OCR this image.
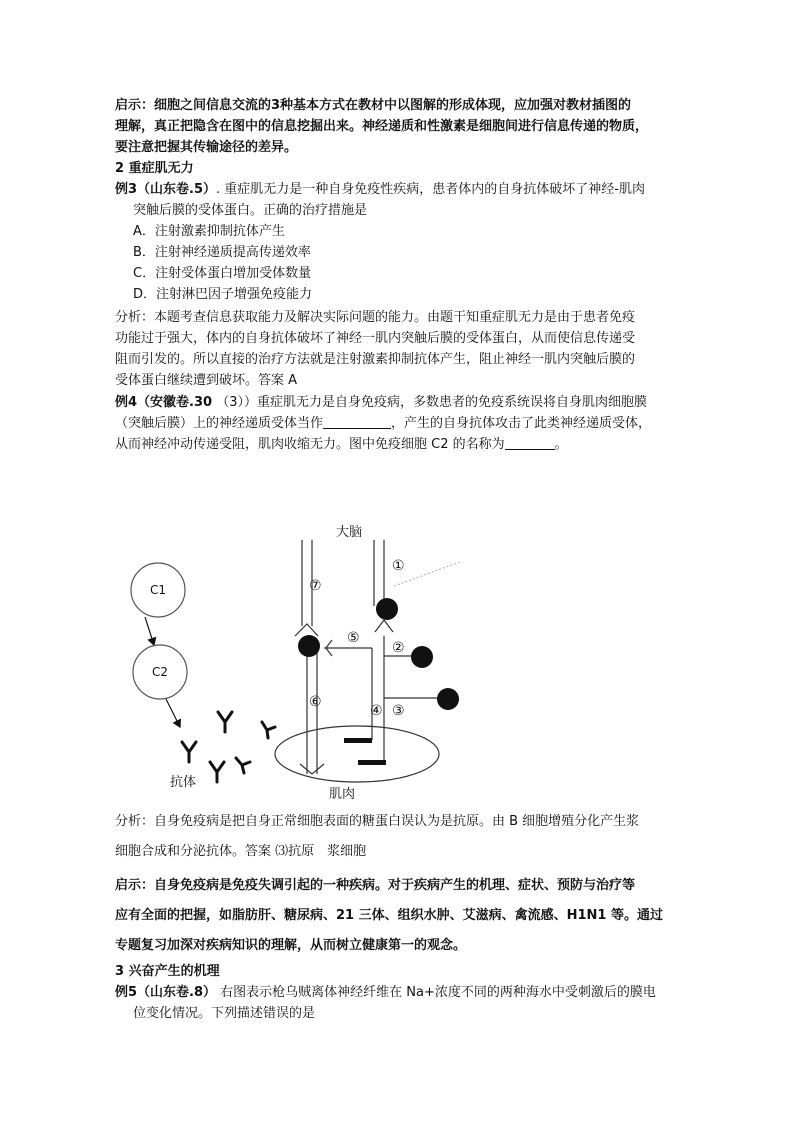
启示：细胞之间信息交流的3种基本方式在教材中以图解的形成体现，应加强对教材插图的
理解，真正把隐含在图中的信息挖掘出来。神经递质和性激素是细胞间进行信息传递的物质，
要注意把握其传输途径的差异。
2 重症肌无力
例3（山东卷.5）. 重症肌无力是一种自身免疫性疾病，患者体内的自身抗体破坏了神经-肌肉
突触后膜的受体蛋白。正确的治疗措施是
A．注射激素抑制抗体产生
B．注射神经递质提高传递效率
C．注射受体蛋白增加受体数量
D．注射淋巴因子增强免疫能力
分析：本题考查信息获取能力及解决实际问题的能力。由题干知重症肌无力是由于患者免疫
功能过于强大，体内的自身抗体破坏了神经一肌内突触后膜的受体蛋白，从而使信息传递受
阻而引发的。所以直接的治疗方法就是注射激素抑制抗体产生，阻止神经一肌内突触后膜的
受体蛋白继续遭到破坏。答案 A
例4（安徽卷.30 （3））重症肌无力是自身免疫病，多数患者的免疫系统误将自身肌肉细胞膜
（突触后膜）上的神经递质受体当作	，产生的自身抗体攻击了此类神经递质受体，
从而神经冲动传递受阻，肌肉收缩无力。图中免疫细胞 C2 的名称为	。
C1
C2
抗体
大脑
肌肉
①
②
③
④
⑤
⑥
⑦
分析：自身免疫病是把自身正常细胞表面的糖蛋白误认为是抗原。由 B 细胞增殖分化产生浆
细胞合成和分泌抗体。答案 ⑶抗原　浆细胞
启示：自身免疫病是免疫失调引起的一种疾病。对于疾病产生的机理、症状、预防与治疗等
应有全面的把握，如脂肪肝、糖尿病、21 三体、组织水肿、艾滋病、禽流感、H1N1 等。通过
专题复习加深对疾病知识的理解，从而树立健康第一的观念。
3 兴奋产生的机理
例5（山东卷.8） 右图表示枪乌贼离体神经纤维在 Na+浓度不同的两种海水中受刺激后的膜电
位变化情况。下列描述错误的是
